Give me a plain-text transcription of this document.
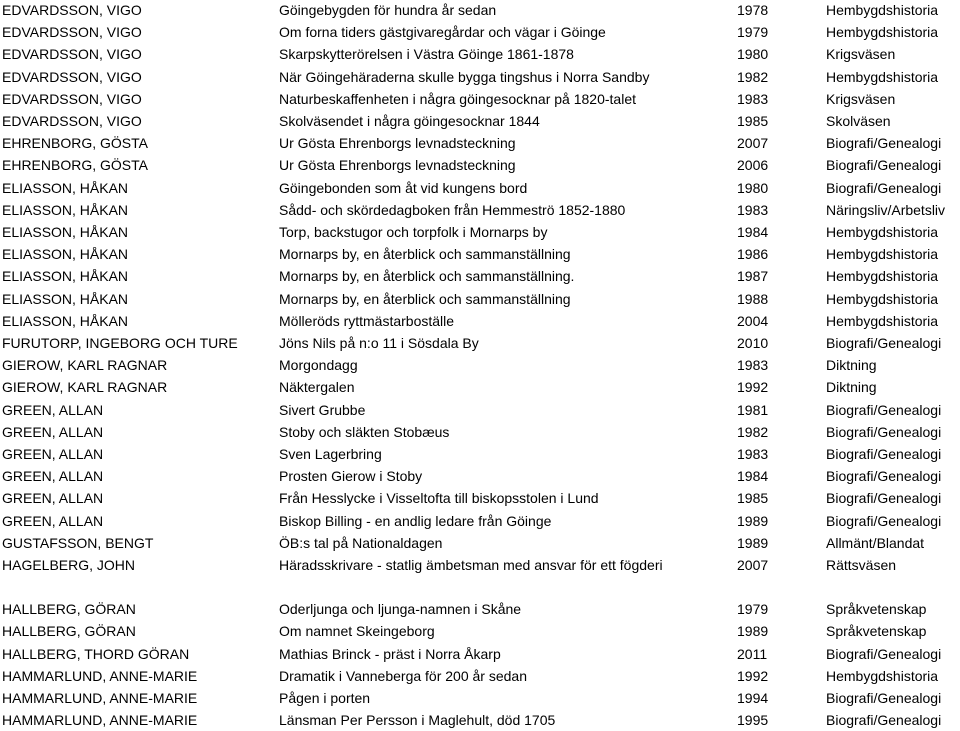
EDVARDSSON, VIGO	Göingebygden för hundra år sedan	1978	Hembygdshistoria
EDVARDSSON, VIGO	Om forna tiders gästgivaregårdar och vägar i Göinge	1979	Hembygdshistoria
EDVARDSSON, VIGO	Skarpskytterörelsen i Västra Göinge 1861-1878	1980	Krigsväsen
EDVARDSSON, VIGO	När Göingehäraderna skulle bygga tingshus i Norra Sandby	1982	Hembygdshistoria
EDVARDSSON, VIGO	Naturbeskaffenheten i några göingesocknar på 1820-talet	1983	Krigsväsen
EDVARDSSON, VIGO	Skolväsendet i några göingesocknar 1844	1985	Skolväsen
EHRENBORG, GÖSTA	Ur Gösta Ehrenborgs levnadsteckning	2007	Biografi/Genealogi
EHRENBORG, GÖSTA	Ur Gösta Ehrenborgs levnadsteckning	2006	Biografi/Genealogi
ELIASSON, HÅKAN	Göingebonden som åt vid kungens bord	1980	Biografi/Genealogi
ELIASSON, HÅKAN	Sådd- och skördedagboken från Hemmeströ 1852-1880	1983	Näringsliv/Arbetsliv
ELIASSON, HÅKAN	Torp, backstugor och torpfolk i Mornarps by	1984	Hembygdshistoria
ELIASSON, HÅKAN	Mornarps by, en återblick och sammanställning	1986	Hembygdshistoria
ELIASSON, HÅKAN	Mornarps by, en återblick och sammanställning.	1987	Hembygdshistoria
ELIASSON, HÅKAN	Mornarps by, en återblick och sammanställning	1988	Hembygdshistoria
ELIASSON, HÅKAN	Mölleröds ryttmästarboställe	2004	Hembygdshistoria
FURUTORP, INGEBORG OCH TURE	Jöns Nils på n:o 11 i Sösdala By	2010	Biografi/Genealogi
GIEROW, KARL RAGNAR	Morgondagg	1983	Diktning
GIEROW, KARL RAGNAR	Näktergalen	1992	Diktning
GREEN, ALLAN	Sivert Grubbe	1981	Biografi/Genealogi
GREEN, ALLAN	Stoby och släkten Stobæus	1982	Biografi/Genealogi
GREEN, ALLAN	Sven Lagerbring	1983	Biografi/Genealogi
GREEN, ALLAN	Prosten Gierow i Stoby	1984	Biografi/Genealogi
GREEN, ALLAN	Från Hesslycke i Visseltofta till biskopsstolen i Lund	1985	Biografi/Genealogi
GREEN, ALLAN	Biskop Billing - en andlig ledare från Göinge	1989	Biografi/Genealogi
GUSTAFSSON, BENGT	ÖB:s tal på Nationaldagen	1989	Allmänt/Blandat
HAGELBERG, JOHN	Häradsskrivare - statlig ämbetsman med ansvar för ett fögderi	2007	Rättsväsen
HALLBERG, GÖRAN	Oderljunga och ljunga-namnen i Skåne	1979	Språkvetenskap
HALLBERG, GÖRAN	Om namnet Skeingeborg	1989	Språkvetenskap
HALLBERG, THORD GÖRAN	Mathias Brinck - präst i Norra Åkarp	2011	Biografi/Genealogi
HAMMARLUND, ANNE-MARIE	Dramatik i Vanneberga för 200 år sedan	1992	Hembygdshistoria
HAMMARLUND, ANNE-MARIE	Pågen i porten	1994	Biografi/Genealogi
HAMMARLUND, ANNE-MARIE	Länsman Per Persson i Maglehult, död 1705	1995	Biografi/Genealogi
